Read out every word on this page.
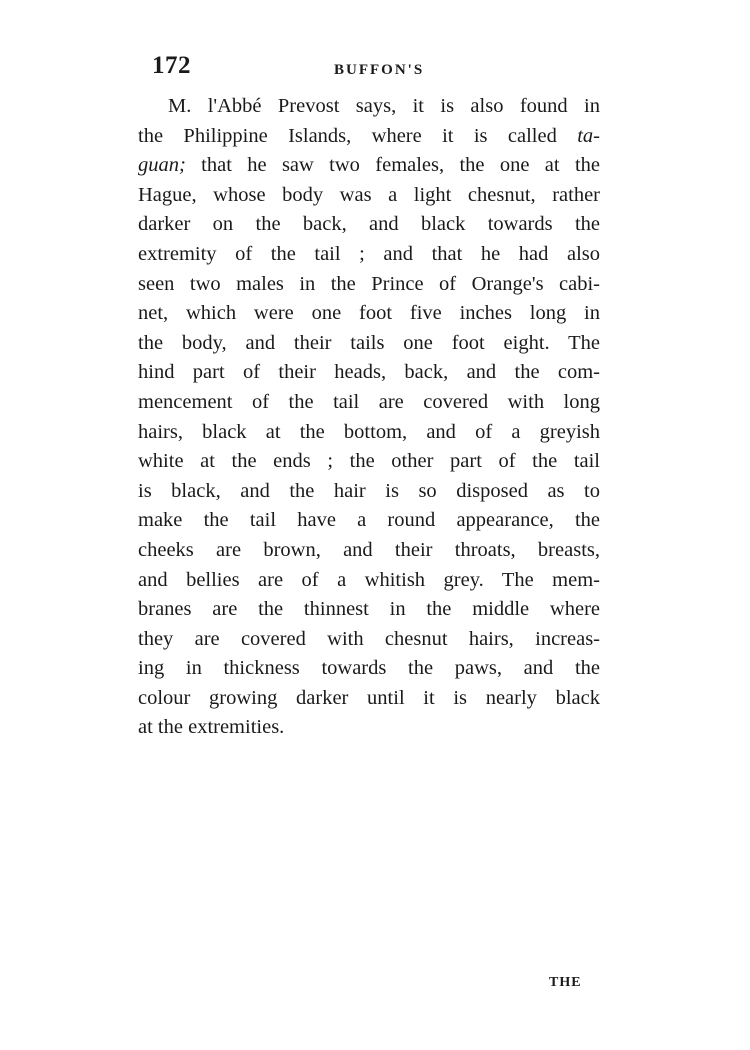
172	BUFFON'S
M. l'Abbé Prevost says, it is also found in
the Philippine Islands, where it is called ta-
guan; that he saw two females, the one at the
Hague, whose body was a light chesnut, rather
darker on the back, and black towards the
extremity of the tail ; and that he had also
seen two males in the Prince of Orange's cabi-
net, which were one foot five inches long in
the body, and their tails one foot eight. The
hind part of their heads, back, and the com-
mencement of the tail are covered with long
hairs, black at the bottom, and of a greyish
white at the ends ; the other part of the tail
is black, and the hair is so disposed as to
make the tail have a round appearance, the
cheeks are brown, and their throats, breasts,
and bellies are of a whitish grey. The mem-
branes are the thinnest in the middle where
they are covered with chesnut hairs, increas-
ing in thickness towards the paws, and the
colour growing darker until it is nearly black
at the extremities.
THE
